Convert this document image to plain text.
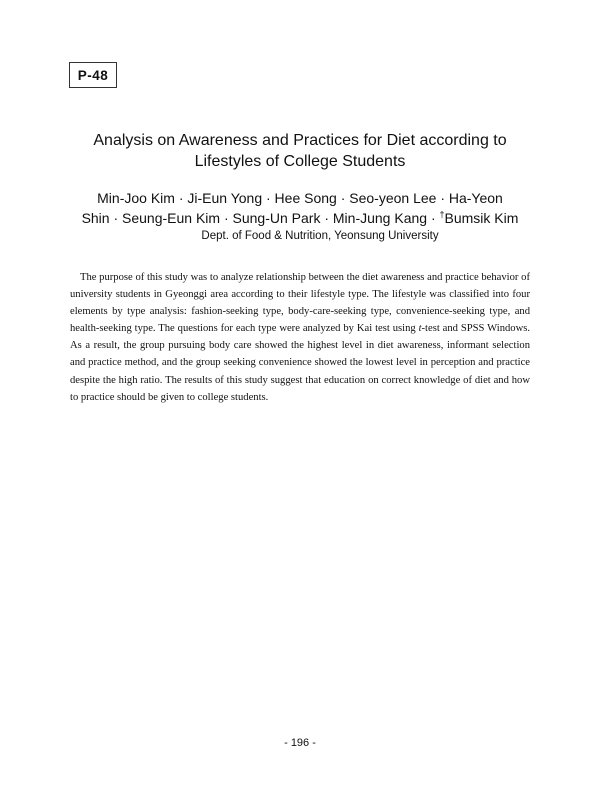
P-48
Analysis on Awareness and Practices for Diet according to
Lifestyles of College Students
Min-Joo Kim · Ji-Eun Yong · Hee Song · Seo-yeon Lee · Ha-Yeon
Shin · Seung-Eun Kim · Sung-Un Park · Min-Jung Kang · †Bumsik Kim
Dept. of Food & Nutrition, Yeonsung University

The purpose of this study was to analyze relationship between the diet awareness and practice behavior of university students in Gyeonggi area according to their lifestyle type. The lifestyle was classified into four elements by type analysis: fashion-seeking type, body-care-seeking type, convenience-seeking type, and health-seeking type. The questions for each type were analyzed by Kai test using t-test and SPSS Windows. As a result, the group pursuing body care showed the highest level in diet awareness, informant selection and practice method, and the group seeking convenience showed the lowest level in perception and practice despite the high ratio. The results of this study suggest that education on correct knowledge of diet and how to practice should be given to college students.

- 196 -
